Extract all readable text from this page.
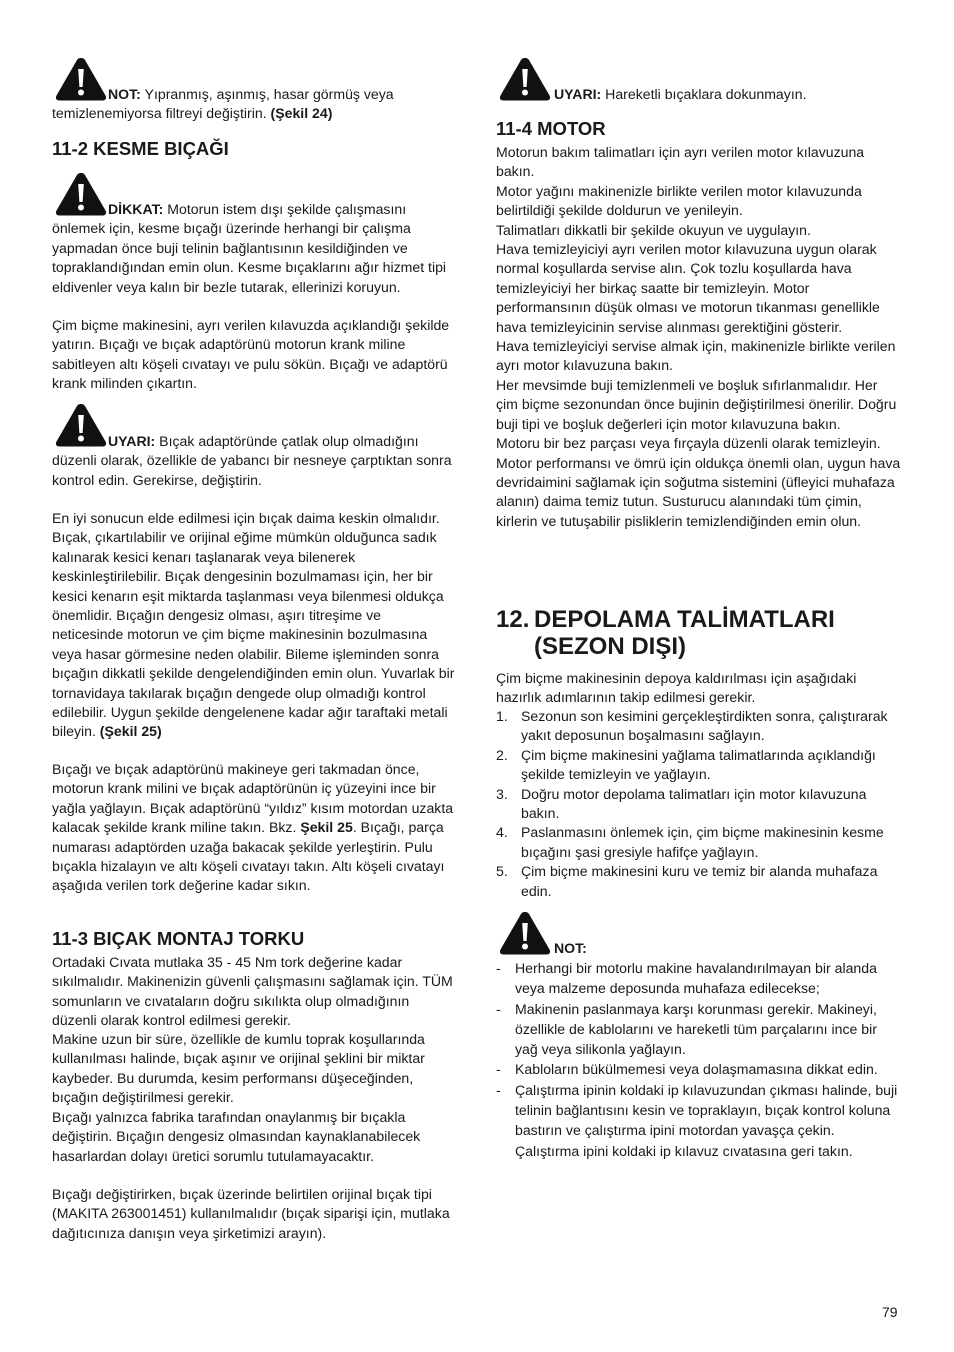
NOT: Yıpranmış, aşınmış, hasar görmüş veya temizlenemiyorsa filtreyi değiştirin. (Şekil 24)

11-2 KESME BIÇAĞI

DİKKAT: Motorun istem dışı şekilde çalışmasını önlemek için, kesme bıçağı üzerinde herhangi bir çalışma yapmadan önce buji telinin bağlantısının kesildiğinden ve topraklandığından emin olun. Kesme bıçaklarını ağır hizmet tipi eldivenler veya kalın bir bezle tutarak, ellerinizi koruyun.

Çim biçme makinesini, ayrı verilen kılavuzda açıklandığı şekilde yatırın. Bıçağı ve bıçak adaptörünü motorun krank miline sabitleyen altı köşeli cıvatayı ve pulu sökün. Bıçağı ve adaptörü krank milinden çıkartın.

UYARI: Bıçak adaptöründe çatlak olup olmadığını düzenli olarak, özellikle de yabancı bir nesneye çarptıktan sonra kontrol edin. Gerekirse, değiştirin.

En iyi sonucun elde edilmesi için bıçak daima keskin olmalıdır. Bıçak, çıkartılabilir ve orijinal eğime mümkün olduğunca sadık kalınarak kesici kenarı taşlanarak veya bilenerek keskinleştirilebilir. Bıçak dengesinin bozulmaması için, her bir kesici kenarın eşit miktarda taşlanması veya bilenmesi oldukça önemlidir. Bıçağın dengesiz olması, aşırı titreşime ve neticesinde motorun ve çim biçme makinesinin bozulmasına veya hasar görmesine neden olabilir. Bileme işleminden sonra bıçağın dikkatli şekilde dengelendiğinden emin olun. Yuvarlak bir tornavidaya takılarak bıçağın dengede olup olmadığı kontrol edilebilir. Uygun şekilde dengelenene kadar ağır taraftaki metali bileyin. (Şekil 25)

Bıçağı ve bıçak adaptörünü makineye geri takmadan önce, motorun krank milini ve bıçak adaptörünün iç yüzeyini ince bir yağla yağlayın. Bıçak adaptörünü “yıldız” kısım motordan uzakta kalacak şekilde krank miline takın. Bkz. Şekil 25. Bıçağı, parça numarası adaptörden uzağa bakacak şekilde yerleştirin. Pulu bıçakla hizalayın ve altı köşeli cıvatayı takın. Altı köşeli cıvatayı aşağıda verilen tork değerine kadar sıkın.

11-3 BIÇAK MONTAJ TORKU

Ortadaki Cıvata mutlaka 35 - 45 Nm tork değerine kadar sıkılmalıdır. Makinenizin güvenli çalışmasını sağlamak için. TÜM somunların ve cıvataların doğru sıkılıkta olup olmadığının düzenli olarak kontrol edilmesi gerekir.

Makine uzun bir süre, özellikle de kumlu toprak koşullarında kullanılması halinde, bıçak aşınır ve orijinal şeklini bir miktar kaybeder. Bu durumda, kesim performansı düşeceğinden, bıçağın değiştirilmesi gerekir.

Bıçağı yalnızca fabrika tarafından onaylanmış bir bıçakla değiştirin. Bıçağın dengesiz olmasından kaynaklanabilecek hasarlardan dolayı üretici sorumlu tutulamayacaktır.

Bıçağı değiştirirken, bıçak üzerinde belirtilen orijinal bıçak tipi (MAKITA 263001451) kullanılmalıdır (bıçak siparişi için, mutlaka dağıtıcınıza danışın veya şirketimizi arayın).

UYARI: Hareketli bıçaklara dokunmayın.

11-4 MOTOR
Motorun bakım talimatları için ayrı verilen motor kılavuzuna bakın.
Motor yağını makinenizle birlikte verilen motor kılavuzunda belirtildiği şekilde doldurun ve yenileyin.
Talimatları dikkatli bir şekilde okuyun ve uygulayın.
Hava temizleyiciyi ayrı verilen motor kılavuzuna uygun olarak normal koşullarda servise alın. Çok tozlu koşullarda hava temizleyiciyi her birkaç saatte bir temizleyin. Motor performansının düşük olması ve motorun tıkanması genellikle hava temizleyicinin servise alınması gerektiğini gösterir.
Hava temizleyiciyi servise almak için, makinenizle birlikte verilen ayrı motor kılavuzuna bakın.
Her mevsimde buji temizlenmeli ve boşluk sıfırlanmalıdır. Her çim biçme sezonundan önce bujinin değiştirilmesi önerilir. Doğru buji tipi ve boşluk değerleri için motor kılavuzuna bakın.
Motoru bir bez parçası veya fırçayla düzenli olarak temizleyin. Motor performansı ve ömrü için oldukça önemli olan, uygun hava devridaimini sağlamak için soğutma sistemini (üfleyici muhafaza alanın) daima temiz tutun. Susturucu alanındaki tüm çimin, kirlerin ve tutuşabilir pisliklerin temizlendiğinden emin olun.
12. DEPOLAMA TALİMATLARI
(SEZON DIŞI)

Çim biçme makinesinin depoya kaldırılması için aşağıdaki hazırlık adımlarının takip edilmesi gerekir.

1. Sezonun son kesimini gerçekleştirdikten sonra, çalıştırarak yakıt deposunun boşalmasını sağlayın.
2. Çim biçme makinesini yağlama talimatlarında açıklandığı şekilde temizleyin ve yağlayın.
3. Doğru motor depolama talimatları için motor kılavuzuna bakın.
4. Paslanmasını önlemek için, çim biçme makinesinin kesme bıçağını şasi gresiyle hafifçe yağlayın.
5. Çim biçme makinesini kuru ve temiz bir alanda muhafaza edin.

NOT:

- Herhangi bir motorlu makine havalandırılmayan bir alanda veya malzeme deposunda muhafaza edilecekse;
- Makinenin paslanmaya karşı korunması gerekir. Makineyi, özellikle de kablolarını ve hareketli tüm parçalarını ince bir yağ veya silikonla yağlayın.
- Kabloların bükülmemesi veya dolaşmamasına dikkat edin.
- Çalıştırma ipinin koldaki ip kılavuzundan çıkması halinde, buji telinin bağlantısını kesin ve topraklayın, bıçak kontrol koluna bastırın ve çalıştırma ipini motordan yavaşça çekin. Çalıştırma ipini koldaki ip kılavuz cıvatasına geri takın.
79
